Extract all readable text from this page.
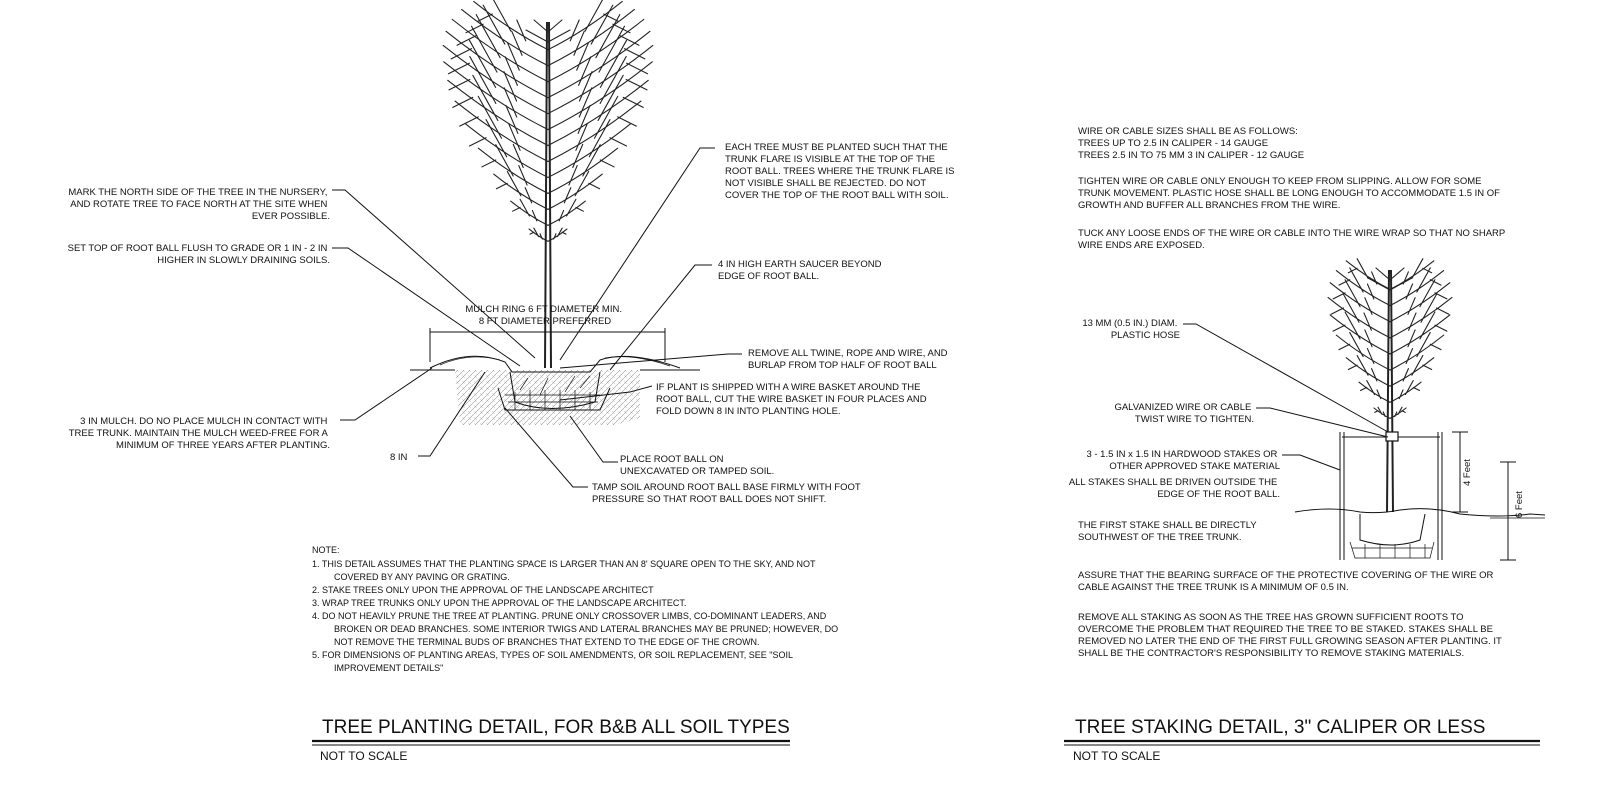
MARK THE NORTH SIDE OF THE TREE IN THE NURSERY, AND ROTATE TREE TO FACE NORTH AT THE SITE WHEN EVER POSSIBLE.
SET TOP OF ROOT BALL FLUSH TO GRADE OR 1 IN - 2 IN HIGHER IN SLOWLY DRAINING SOILS.
3 IN MULCH. DO NO PLACE MULCH IN CONTACT WITH TREE TRUNK. MAINTAIN THE MULCH WEED-FREE FOR A MINIMUM OF THREE YEARS AFTER PLANTING.
8 IN
EACH TREE MUST BE PLANTED SUCH THAT THE TRUNK FLARE IS VISIBLE AT THE TOP OF THE ROOT BALL. TREES WHERE THE TRUNK FLARE IS NOT VISIBLE SHALL BE REJECTED. DO NOT COVER THE TOP OF THE ROOT BALL WITH SOIL.
4 IN HIGH EARTH SAUCER BEYOND EDGE OF ROOT BALL.
MULCH RING 6 FT DIAMETER MIN. 8 FT DIAMETER PREFERRED
REMOVE ALL TWINE, ROPE AND WIRE, AND BURLAP FROM TOP HALF OF ROOT BALL
IF PLANT IS SHIPPED WITH A WIRE BASKET AROUND THE ROOT BALL, CUT THE WIRE BASKET IN FOUR PLACES AND FOLD DOWN 8 IN INTO PLANTING HOLE.
PLACE ROOT BALL ON UNEXCAVATED OR TAMPED SOIL.
TAMP SOIL AROUND ROOT BALL BASE FIRMLY WITH FOOT PRESSURE SO THAT ROOT BALL DOES NOT SHIFT.
NOTE: 1. THIS DETAIL ASSUMES THAT THE PLANTING SPACE IS LARGER THAN AN 8' SQUARE OPEN TO THE SKY, AND NOT COVERED BY ANY PAVING OR GRATING. 2. STAKE TREES ONLY UPON THE APPROVAL OF THE LANDSCAPE ARCHITECT 3. WRAP TREE TRUNKS ONLY UPON THE APPROVAL OF THE LANDSCAPE ARCHITECT. 4. DO NOT HEAVILY PRUNE THE TREE AT PLANTING. PRUNE ONLY CROSSOVER LIMBS, CO-DOMINANT LEADERS, AND BROKEN OR DEAD BRANCHES. SOME INTERIOR TWIGS AND LATERAL BRANCHES MAY BE PRUNED; HOWEVER, DO NOT REMOVE THE TERMINAL BUDS OF BRANCHES THAT EXTEND TO THE EDGE OF THE CROWN. 5. FOR DIMENSIONS OF PLANTING AREAS, TYPES OF SOIL AMENDMENTS, OR SOIL REPLACEMENT, SEE "SOIL IMPROVEMENT DETAILS"
TREE PLANTING DETAIL, FOR B&B ALL SOIL TYPES
NOT TO SCALE
WIRE OR CABLE SIZES SHALL BE AS FOLLOWS: TREES UP TO 2.5 IN CALIPER - 14 GAUGE TREES 2.5 IN TO 75 MM 3 IN CALIPER - 12 GAUGE
TIGHTEN WIRE OR CABLE ONLY ENOUGH TO KEEP FROM SLIPPING. ALLOW FOR SOME TRUNK MOVEMENT. PLASTIC HOSE SHALL BE LONG ENOUGH TO ACCOMMODATE 1.5 IN OF GROWTH AND BUFFER ALL BRANCHES FROM THE WIRE.
TUCK ANY LOOSE ENDS OF THE WIRE OR CABLE INTO THE WIRE WRAP SO THAT NO SHARP WIRE ENDS ARE EXPOSED.
4 Feet
6 Feet
13 MM (0.5 IN.) DIAM. PLASTIC HOSE
GALVANIZED WIRE OR CABLE TWIST WIRE TO TIGHTEN.
3 - 1.5 IN x 1.5 IN HARDWOOD STAKES OR OTHER APPROVED STAKE MATERIAL
ALL STAKES SHALL BE DRIVEN OUTSIDE THE EDGE OF THE ROOT BALL.
THE FIRST STAKE SHALL BE DIRECTLY SOUTHWEST OF THE TREE TRUNK.
ASSURE THAT THE BEARING SURFACE OF THE PROTECTIVE COVERING OF THE WIRE OR CABLE AGAINST THE TREE TRUNK IS A MINIMUM OF 0.5 IN.
REMOVE ALL STAKING AS SOON AS THE TREE HAS GROWN SUFFICIENT ROOTS TO OVERCOME THE PROBLEM THAT REQUIRED THE TREE TO BE STAKED. STAKES SHALL BE REMOVED NO LATER THE END OF THE FIRST FULL GROWING SEASON AFTER PLANTING. IT SHALL BE THE CONTRACTOR'S RESPONSIBILITY TO REMOVE STAKING MATERIALS.
TREE STAKING DETAIL, 3" CALIPER OR LESS
NOT TO SCALE
